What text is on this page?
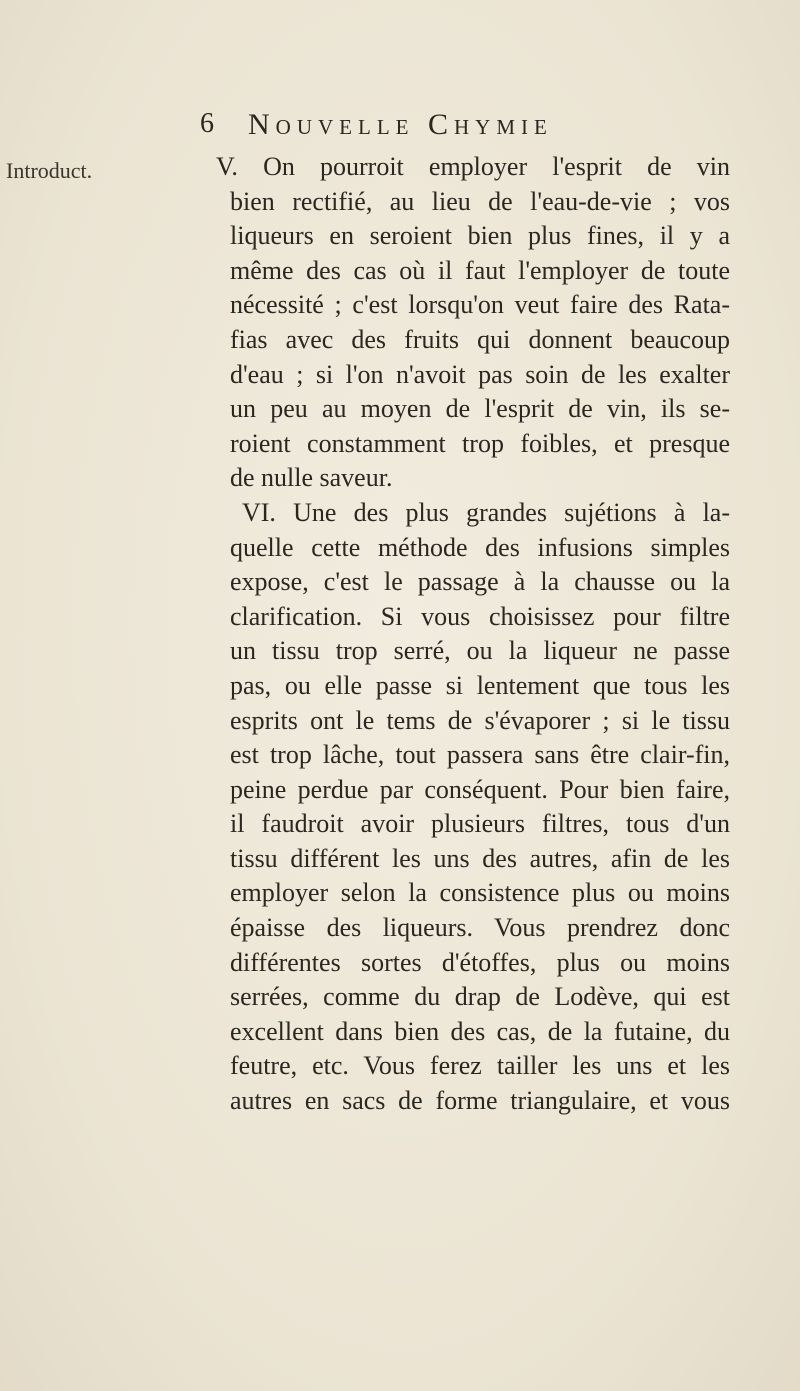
6 Nouvelle Chymie
Introduct.	V. On pourroit employer l'esprit de vin
bien rectifié, au lieu de l'eau-de-vie ; vos
liqueurs en seroient bien plus fines, il y a
même des cas où il faut l'employer de toute
nécessité ; c'est lorsqu'on veut faire des Rata-
fias avec des fruits qui donnent beaucoup
d'eau ; si l'on n'avoit pas soin de les exalter
un peu au moyen de l'esprit de vin, ils se-
roient constamment trop foibles, et presque
de nulle saveur.
VI. Une des plus grandes sujétions à la-
quelle cette méthode des infusions simples
expose, c'est le passage à la chausse ou la
clarification. Si vous choisissez pour filtre
un tissu trop serré, ou la liqueur ne passe
pas, ou elle passe si lentement que tous les
esprits ont le tems de s'évaporer ; si le tissu
est trop lâche, tout passera sans être clair-fin,
peine perdue par conséquent. Pour bien faire,
il faudroit avoir plusieurs filtres, tous d'un
tissu différent les uns des autres, afin de les
employer selon la consistence plus ou moins
épaisse des liqueurs. Vous prendrez donc
différentes sortes d'étoffes, plus ou moins
serrées, comme du drap de Lodève, qui est
excellent dans bien des cas, de la futaine, du
feutre, etc. Vous ferez tailler les uns et les
autres en sacs de forme triangulaire, et vous
